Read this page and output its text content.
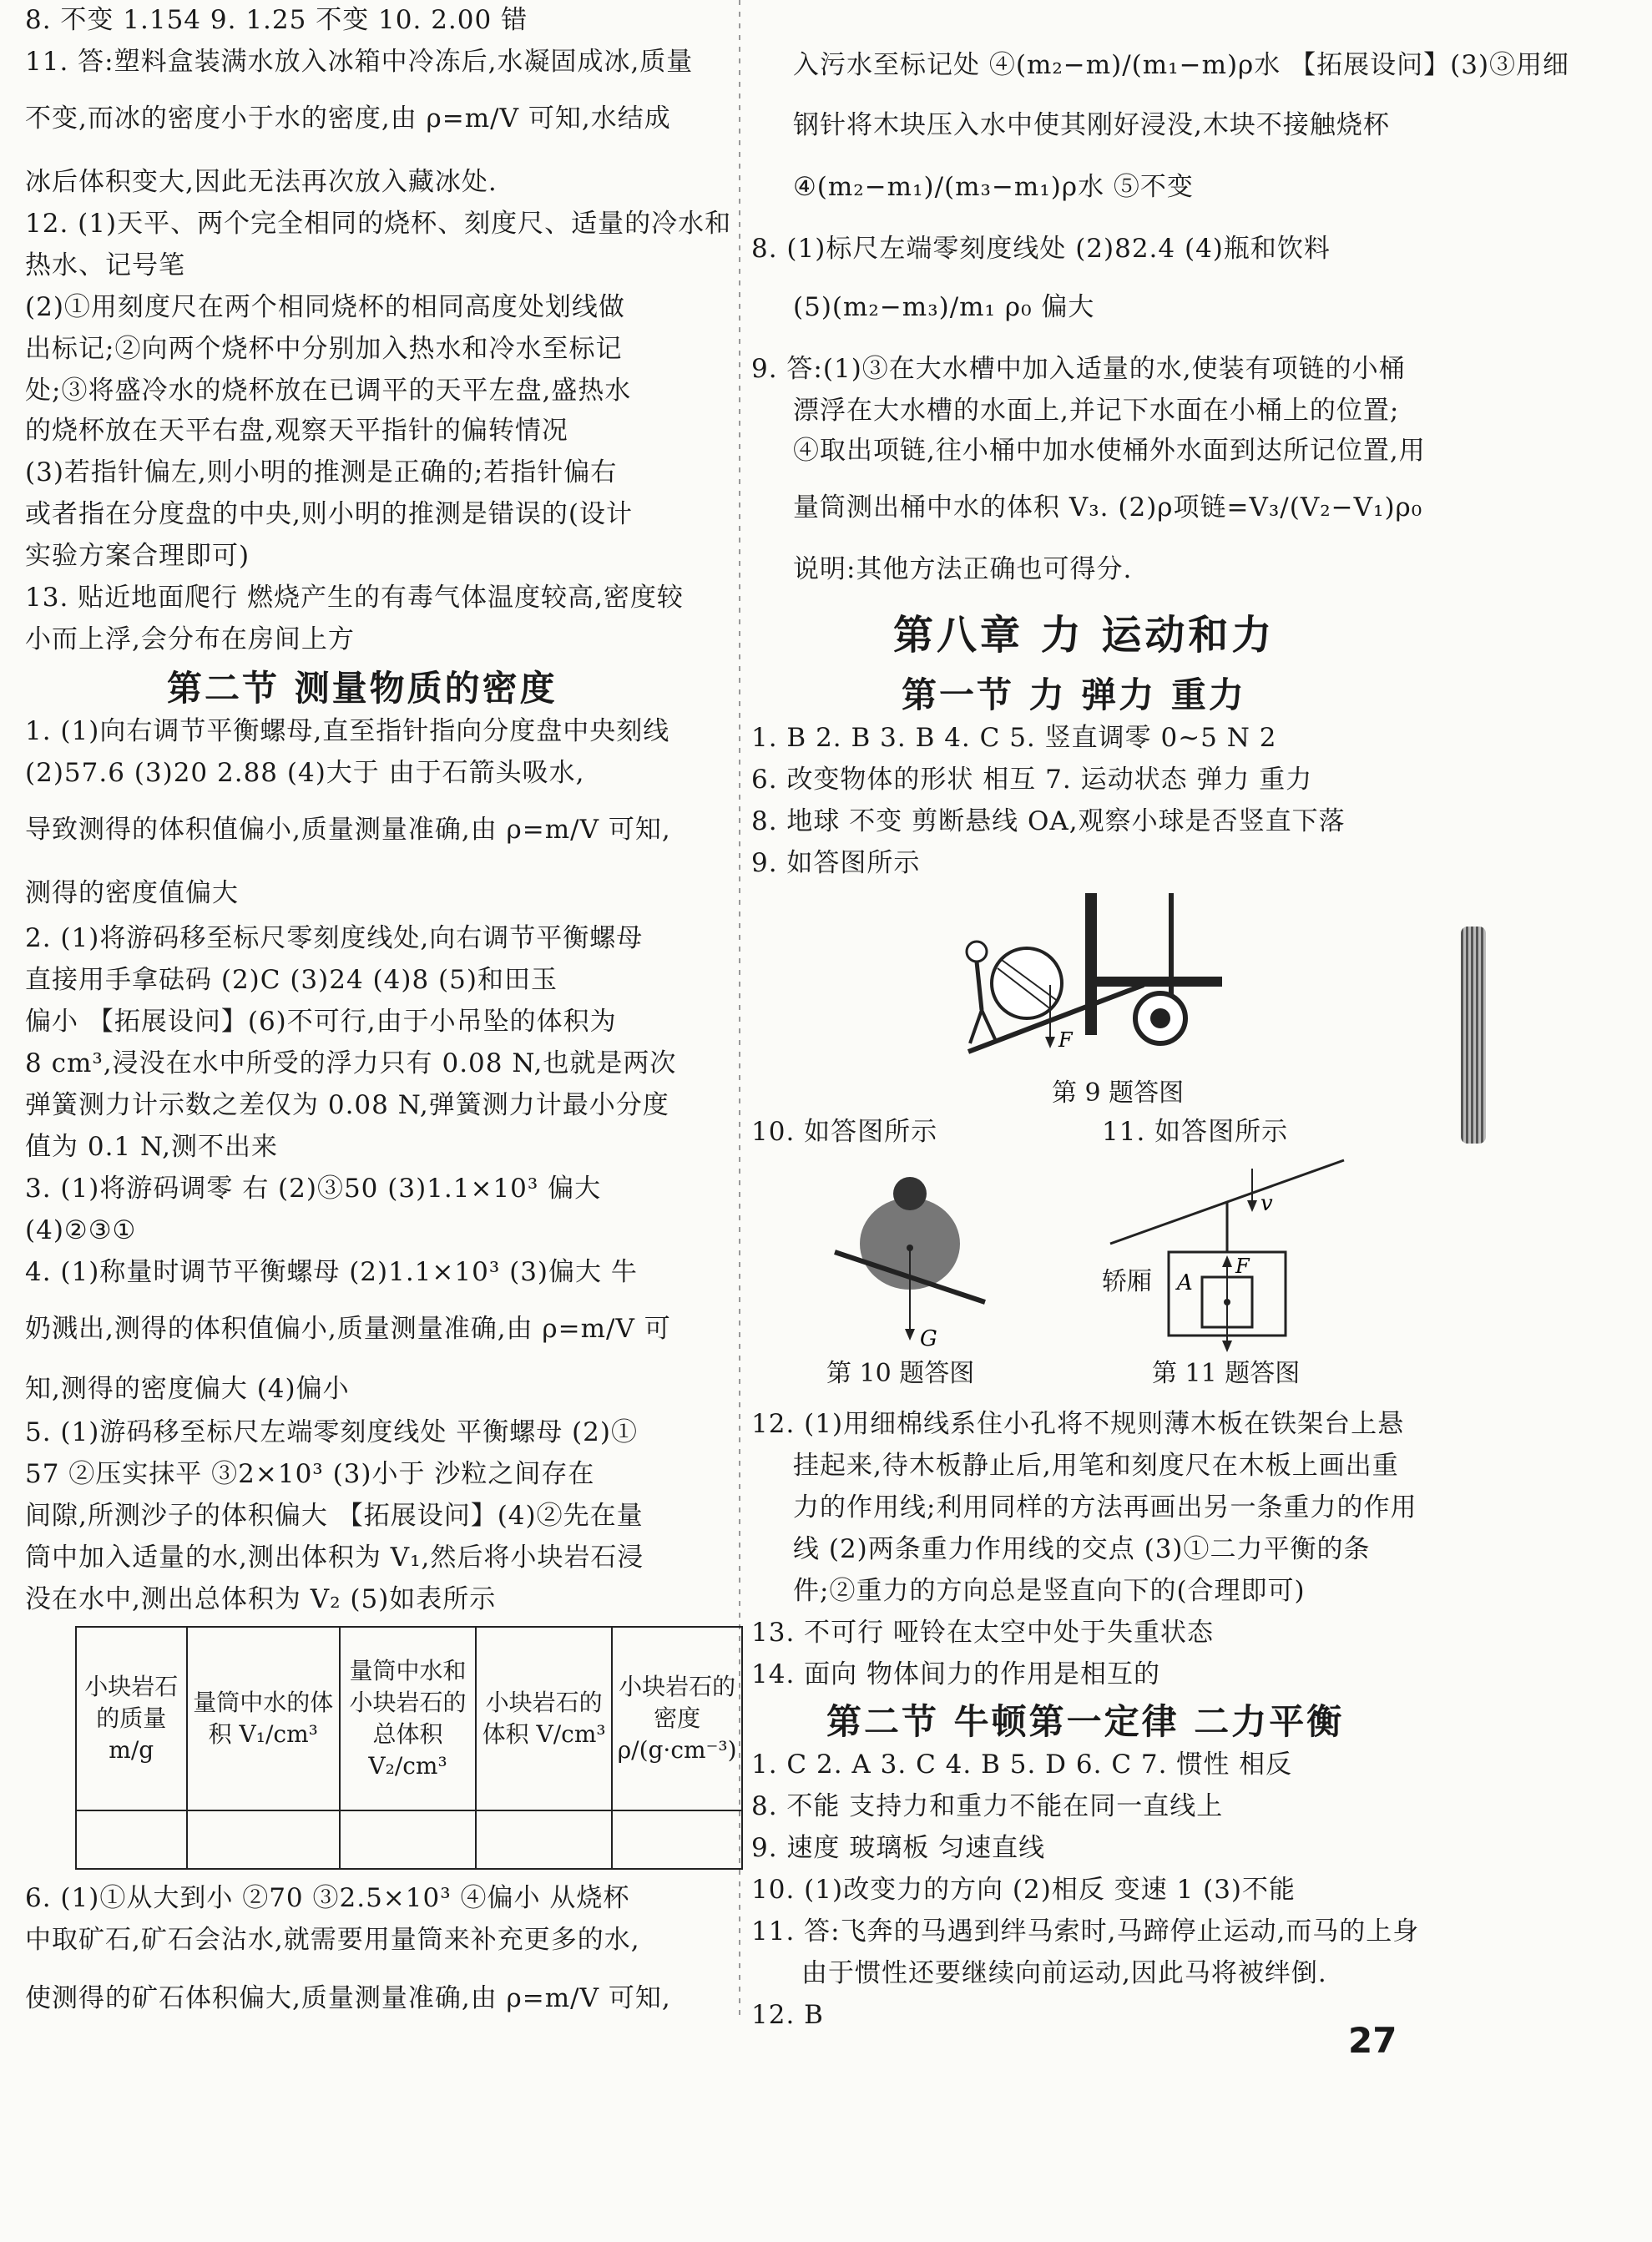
8. 不变 1.154 9. 1.25 不变 10. 2.00 错
11. 答:塑料盒装满水放入冰箱中冷冻后,水凝固成冰,质量
不变,而冰的密度小于水的密度,由 ρ=m/V 可知,水结成
冰后体积变大,因此无法再次放入藏冰处.
12. (1)天平、两个完全相同的烧杯、刻度尺、适量的冷水和
热水、记号笔
(2)①用刻度尺在两个相同烧杯的相同高度处划线做
出标记;②向两个烧杯中分别加入热水和冷水至标记
处;③将盛冷水的烧杯放在已调平的天平左盘,盛热水
的烧杯放在天平右盘,观察天平指针的偏转情况
(3)若指针偏左,则小明的推测是正确的;若指针偏右
或者指在分度盘的中央,则小明的推测是错误的(设计
实验方案合理即可)
13. 贴近地面爬行 燃烧产生的有毒气体温度较高,密度较
小而上浮,会分布在房间上方
第二节 测量物质的密度
1. (1)向右调节平衡螺母,直至指针指向分度盘中央刻线
(2)57.6 (3)20 2.88 (4)大于 由于石箭头吸水,
导致测得的体积值偏小,质量测量准确,由 ρ=m/V 可知,
测得的密度值偏大
2. (1)将游码移至标尺零刻度线处,向右调节平衡螺母
直接用手拿砝码 (2)C (3)24 (4)8 (5)和田玉
偏小 【拓展设问】(6)不可行,由于小吊坠的体积为
8 cm³,浸没在水中所受的浮力只有 0.08 N,也就是两次
弹簧测力计示数之差仅为 0.08 N,弹簧测力计最小分度
值为 0.1 N,测不出来
3. (1)将游码调零 右 (2)③50 (3)1.1×10³ 偏大
(4)②③①
4. (1)称量时调节平衡螺母 (2)1.1×10³ (3)偏大 牛
奶溅出,测得的体积值偏小,质量测量准确,由 ρ=m/V 可
知,测得的密度偏大 (4)偏小
5. (1)游码移至标尺左端零刻度线处 平衡螺母 (2)①
57 ②压实抹平 ③2×10³ (3)小于 沙粒之间存在
间隙,所测沙子的体积偏大 【拓展设问】(4)②先在量
筒中加入适量的水,测出体积为 V₁,然后将小块岩石浸
没在水中,测出总体积为 V₂ (5)如表所示
小块岩石的质量 m/g	量筒中水的体积 V₁/cm³	量筒中水和小块岩石的总体积 V₂/cm³	小块岩石的体积 V/cm³	小块岩石的密度 ρ/(g·cm⁻³)

6. (1)①从大到小 ②70 ③2.5×10³ ④偏小 从烧杯
中取矿石,矿石会沾水,就需要用量筒来补充更多的水,
使测得的矿石体积偏大,质量测量准确,由 ρ=m/V 可知,
入污水至标记处 ④(m₂−m)/(m₁−m)ρ水 【拓展设问】(3)③用细
钢针将木块压入水中使其刚好浸没,木块不接触烧杯
④(m₂−m₁)/(m₃−m₁)ρ水 ⑤不变
8. (1)标尺左端零刻度线处 (2)82.4 (4)瓶和饮料
(5)(m₂−m₃)/m₁ ρ₀ 偏大
9. 答:(1)③在大水槽中加入适量的水,使装有项链的小桶
漂浮在大水槽的水面上,并记下水面在小桶上的位置;
④取出项链,往小桶中加水使桶外水面到达所记位置,用
量筒测出桶中水的体积 V₃. (2)ρ项链=V₃/(V₂−V₁)ρ₀
说明:其他方法正确也可得分.
第八章 力 运动和力
第一节 力 弹力 重力
1. B 2. B 3. B 4. C 5. 竖直调零 0~5 N 2
6. 改变物体的形状 相互 7. 运动状态 弹力 重力
8. 地球 不变 剪断悬线 OA,观察小球是否竖直下落
9. 如答图所示
F
第 9 题答图
10. 如答图所示	11. 如答图所示
G
第 10 题答图
v
A
F
轿厢
第 11 题答图
12. (1)用细棉线系住小孔将不规则薄木板在铁架台上悬
挂起来,待木板静止后,用笔和刻度尺在木板上画出重
力的作用线;利用同样的方法再画出另一条重力的作用
线 (2)两条重力作用线的交点 (3)①二力平衡的条
件;②重力的方向总是竖直向下的(合理即可)
13. 不可行 哑铃在太空中处于失重状态
14. 面向 物体间力的作用是相互的
第二节 牛顿第一定律 二力平衡
1. C 2. A 3. C 4. B 5. D 6. C 7. 惯性 相反
8. 不能 支持力和重力不能在同一直线上
9. 速度 玻璃板 匀速直线
10. (1)改变力的方向 (2)相反 变速 1 (3)不能
11. 答:飞奔的马遇到绊马索时,马蹄停止运动,而马的上身
由于惯性还要继续向前运动,因此马将被绊倒.
12. B
27
